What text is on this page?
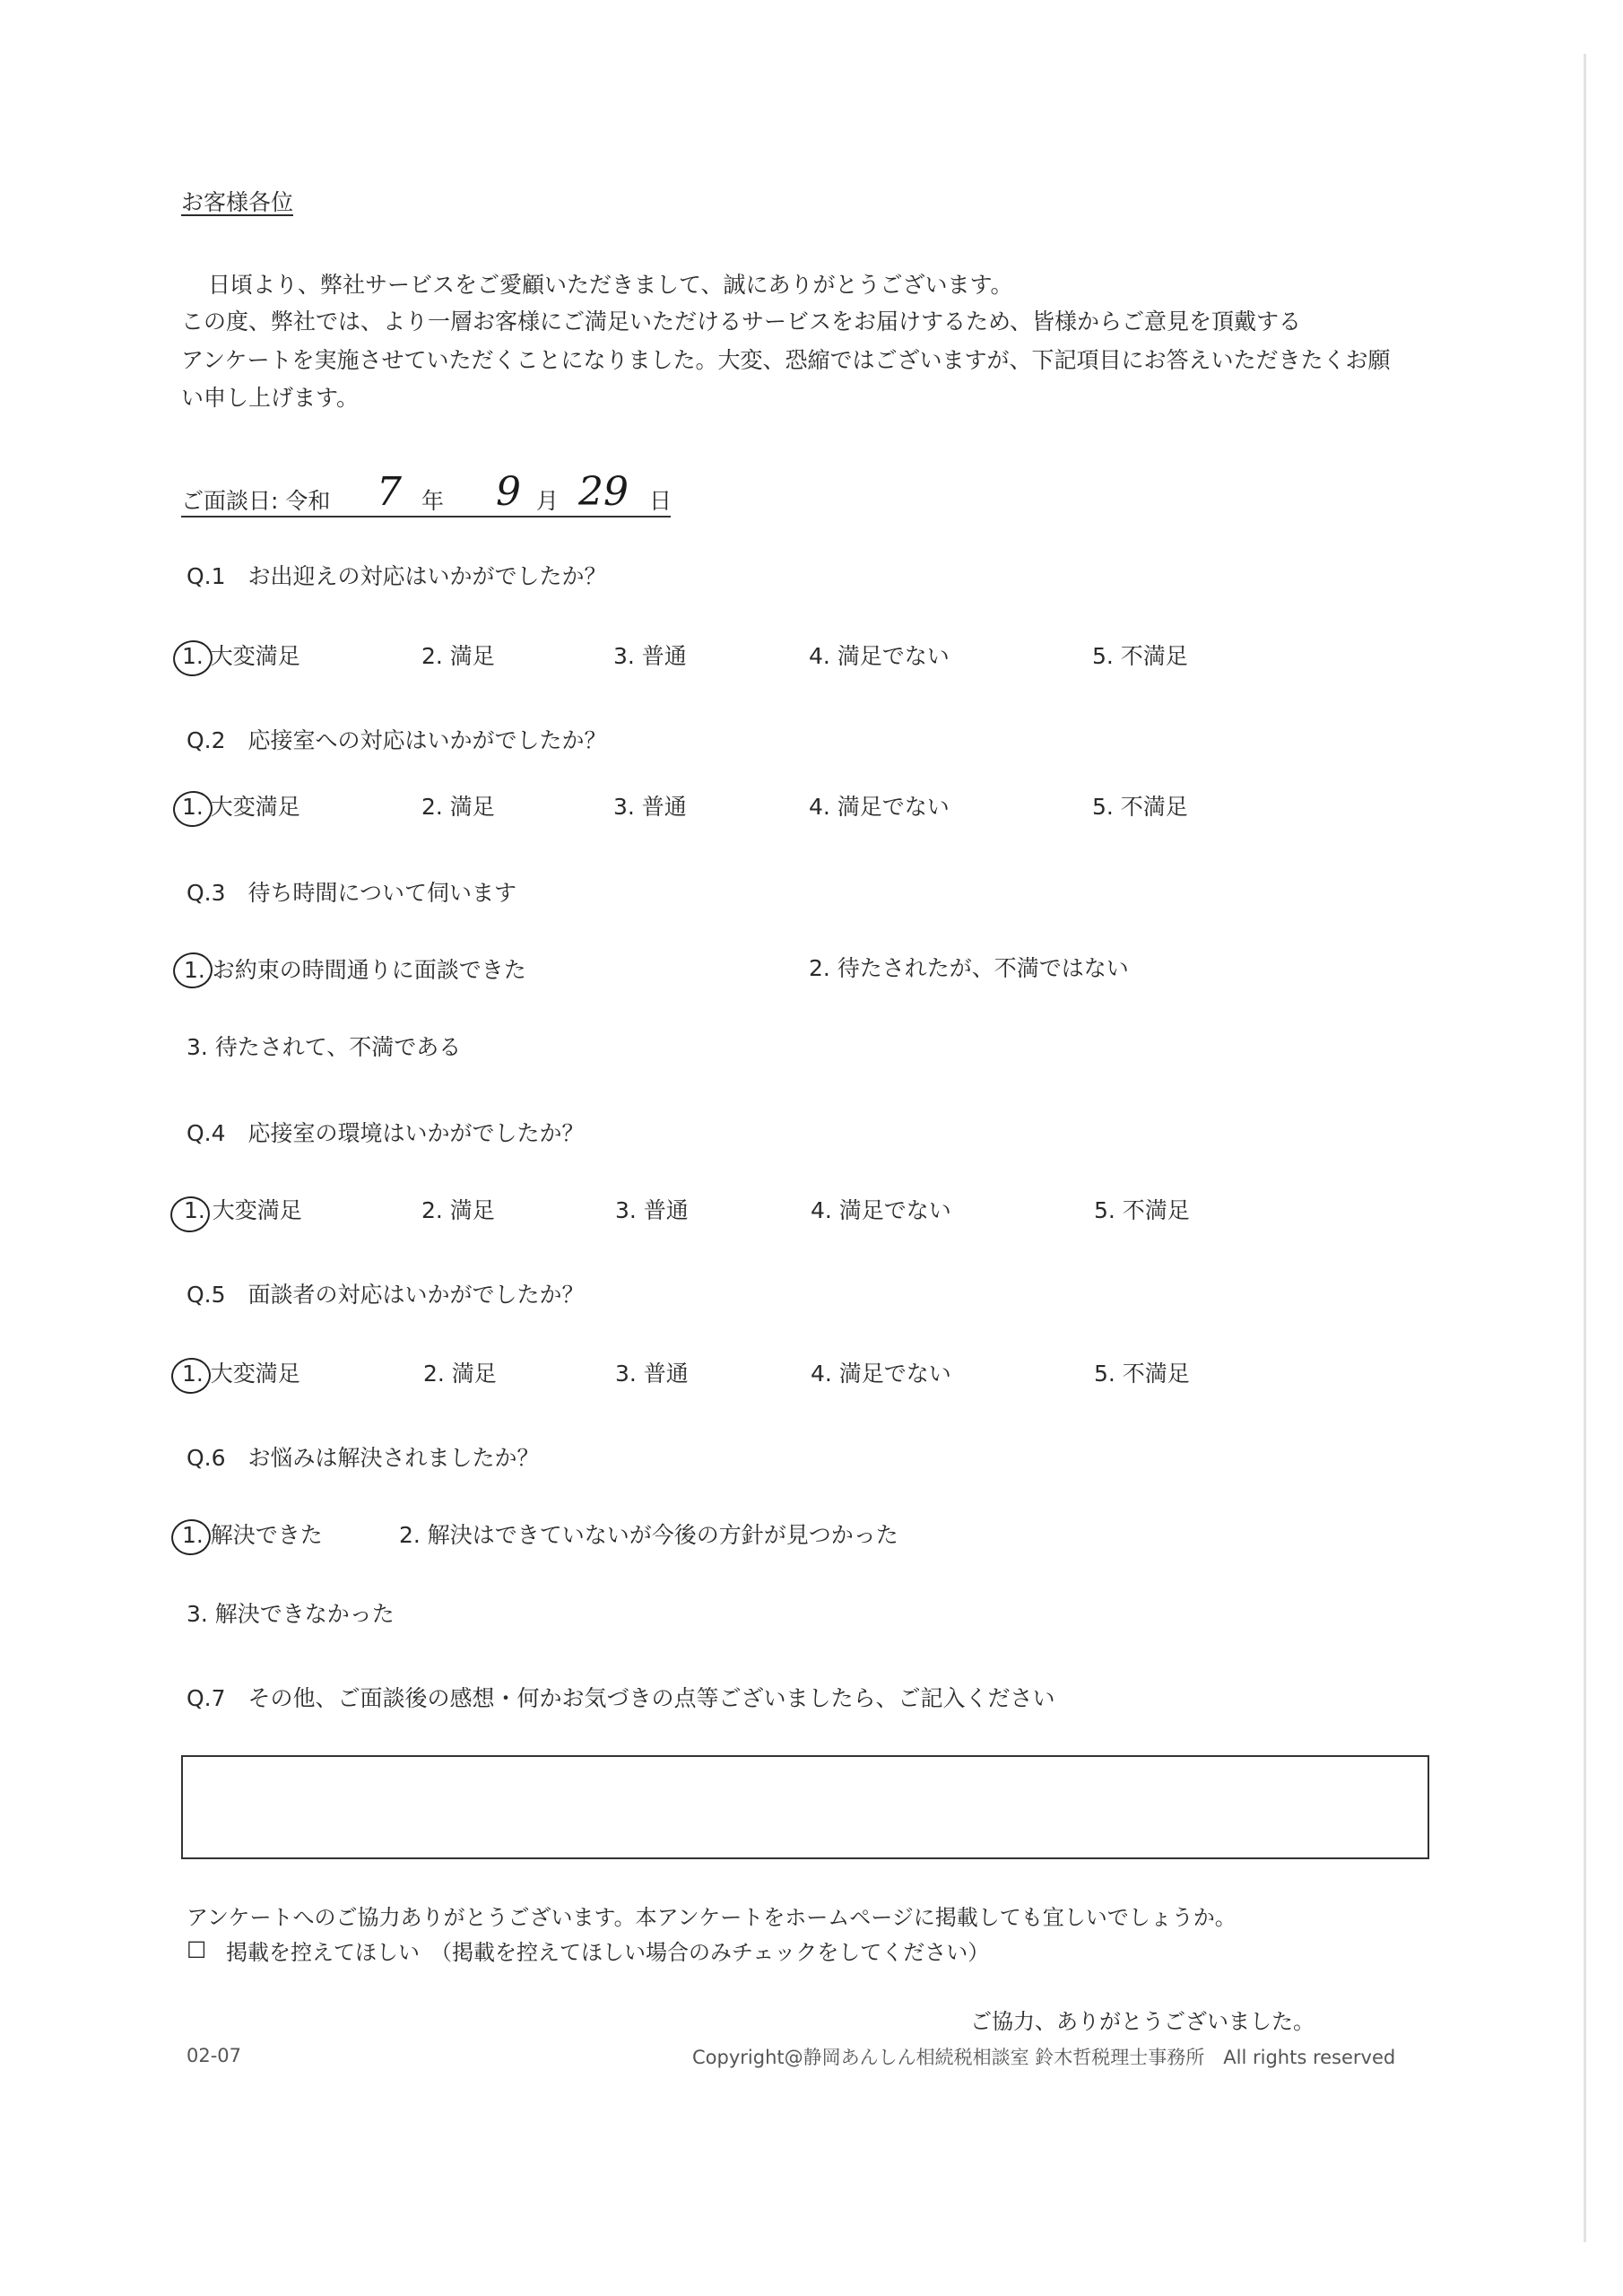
お客様各位
日頃より、弊社サービスをご愛顧いただきまして、誠にありがとうございます。
この度、弊社では、より一層お客様にご満足いただけるサービスをお届けするため、皆様からご意見を頂戴する
アンケートを実施させていただくことになりました。大変、恐縮ではございますが、下記項目にお答えいただきたくお願
い申し上げます。
ご面談日: 令和 7 年 9 月 29 日
Q.1　お出迎えの対応はいかがでしたか？
1. 大変満足	2. 満足	3. 普通	4. 満足でない	5. 不満足
Q.2　応接室への対応はいかがでしたか？
1. 大変満足	2. 満足	3. 普通	4. 満足でない	5. 不満足
Q.3　待ち時間について伺います
1. お約束の時間通りに面談できた	2. 待たされたが、不満ではない
3. 待たされて、不満である
Q.4　応接室の環境はいかがでしたか？
1. 大変満足	2. 満足	3. 普通	4. 満足でない	5. 不満足
Q.5　面談者の対応はいかがでしたか？
1. 大変満足	2. 満足	3. 普通	4. 満足でない	5. 不満足
Q.6　お悩みは解決されましたか？
1. 解決できた	2. 解決はできていないが今後の方針が見つかった
3. 解決できなかった
Q.7　その他、ご面談後の感想・何かお気づきの点等ございましたら、ご記入ください
アンケートへのご協力ありがとうございます。本アンケートをホームページに掲載しても宜しいでしょうか。
☐ 掲載を控えてほしい　（掲載を控えてほしい場合のみチェックをしてください）
ご協力、ありがとうございました。
02-07	Copyright@静岡あんしん相続税相談室 鈴木哲税理士事務所　All rights reserved
